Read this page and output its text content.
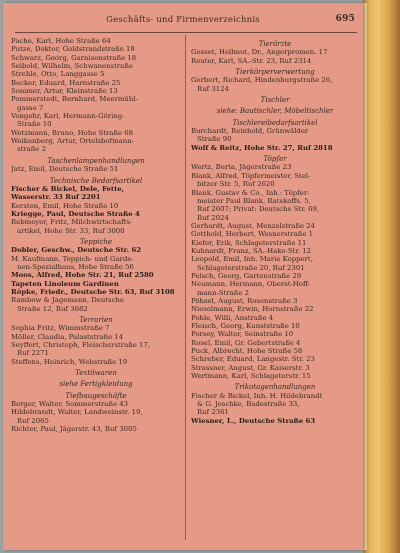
Geschäfts- und Firmenverzeichnis	695
Pache, Karl, Hohe Straße 64
Putze, Doktor, Goldstrandstraße 18
Schwarz, Georg, Garnisonstraße 18
Seibold, Wilhelm, Schwanenstraße
Strehle, Otto, Langgasse 5
Becker, Eduard, Harnstraße 25
Sommer, Artur, Kleinstraße 13
Pommerstedt, Bernhard, Meermühl-
gasse 7
Vongehr, Karl, Hermann-Göring-
Straße 10
Wetzmann, Bruno, Hohe Straße 68
Weikenberg, Artur, Ortelsbofmann-
straße 2
Taschenlampenhandlungen
Jatz, Emil, Deutsche Straße 51
Technische Bedarfsartikel
Fischer & Bickel, Dele, Fette,
Wasserstr. 33 Ruf 2201
Kersten, Emil, Hohe Straße 10
Kriegge, Paul, Deutsche Straße 4
Rebmeyer, Fritz, Milchwirtschafts-
artikel, Hohe Str. 33, Ruf 3000
Teppiche
Dobler, Geschw., Deutsche Str. 62
M. Kaufmann, Teppich- und Garde-
nen-Spezialhaus, Hohe Straße 56
Moos, Alfred, Hohe Str. 21, Ruf 2580
Tapeten Linoleum Gardinen
Röpke, Friedr., Deutsche Str. 63, Ruf 3108
Rambow & Jagemann, Deutsche
Straße 12, Ruf 3682
Terrarien
Sophia Fritz, Wimmstraße 7
Möller, Claudia, Palaststraße 14
Seyffert, Christoph, Fleischerstraße 17,
Ruf 2271
Steffens, Heinrich, Webstraße 19
Textilwaren
siehe Fertigkleidung
Tiefbaugeschäfte
Berger, Walter, Sommerstraße 43
Hildebrandt, Walter, Landweinstr. 19,
Ruf 2065
Richter, Paul, Jägerstr. 43, Ruf 3005
Tierärzte
Gosset, Hellmut, Dr., Angerpromen. 17
Reuter, Karl, SA.-Str. 23, Ruf 2314
Tierkörperverwertung
Gerbert, Richard, Hindenburgstraße 26,
Ruf 3124
Tischler
siehe: Bautischler, Möbeltischler
Tischlereibedarfsartikel
Burchardt, Reinhold, Grünwälder
Straße 90
Wolf & Reitz, Hohe Str. 27, Ruf 2818
Töpfer
Wertz, Berta, Jägerstraße 23
Blank, Alfred, Töpfermeister, Stel-
bitzer Str. 5, Ruf 2620
Blank, Gustav & Co., Inh.: Töpfer-
meister Paul Blank, Ratskoffs. 5,
Ruf 2607; Privat: Deutsche Str. 69,
Ruf 2024
Gerhardt, August, Menzelstraße 24
Gotthold, Herbert, Wesnerstraße 1
Kiefer, Erik, Schlageterstraße 11
Kuhnardt, Franz, SA.-Hake-Str. 12
Leopold, Emil, Inh. Marie Koppert,
Schlageterstraße 20, Ruf 2301
Pelsch, Georg, Gartenstraße 29
Neumann, Hermann, Oberst-Hoff-
mann-Straße 2
Pöhsel, August, Rosenstraße 3
Nieselmann, Erwin, Hornstraße 22
Pohle, Willi, Anstraße 4
Fleisch, Georg, Kunststraße 10
Porsey, Walter, Seinstraße 10
Rosel, Emil, Gr. Gebertstraße 4
Puck, Albrecht, Hohe Straße 58
Schreber, Eduard, Langestr. Str. 23
Strassner, August, Gr. Kaiserstr. 3
Wertmann, Karl, Schlageterstr. 15
Trikotagenhandlungen
Fischer & Bickel, Inh. H. Hildebrandt
& G. Jeschke, Badestraße 33,
Ruf 2361
Wiesner, L., Deutsche Straße 63
